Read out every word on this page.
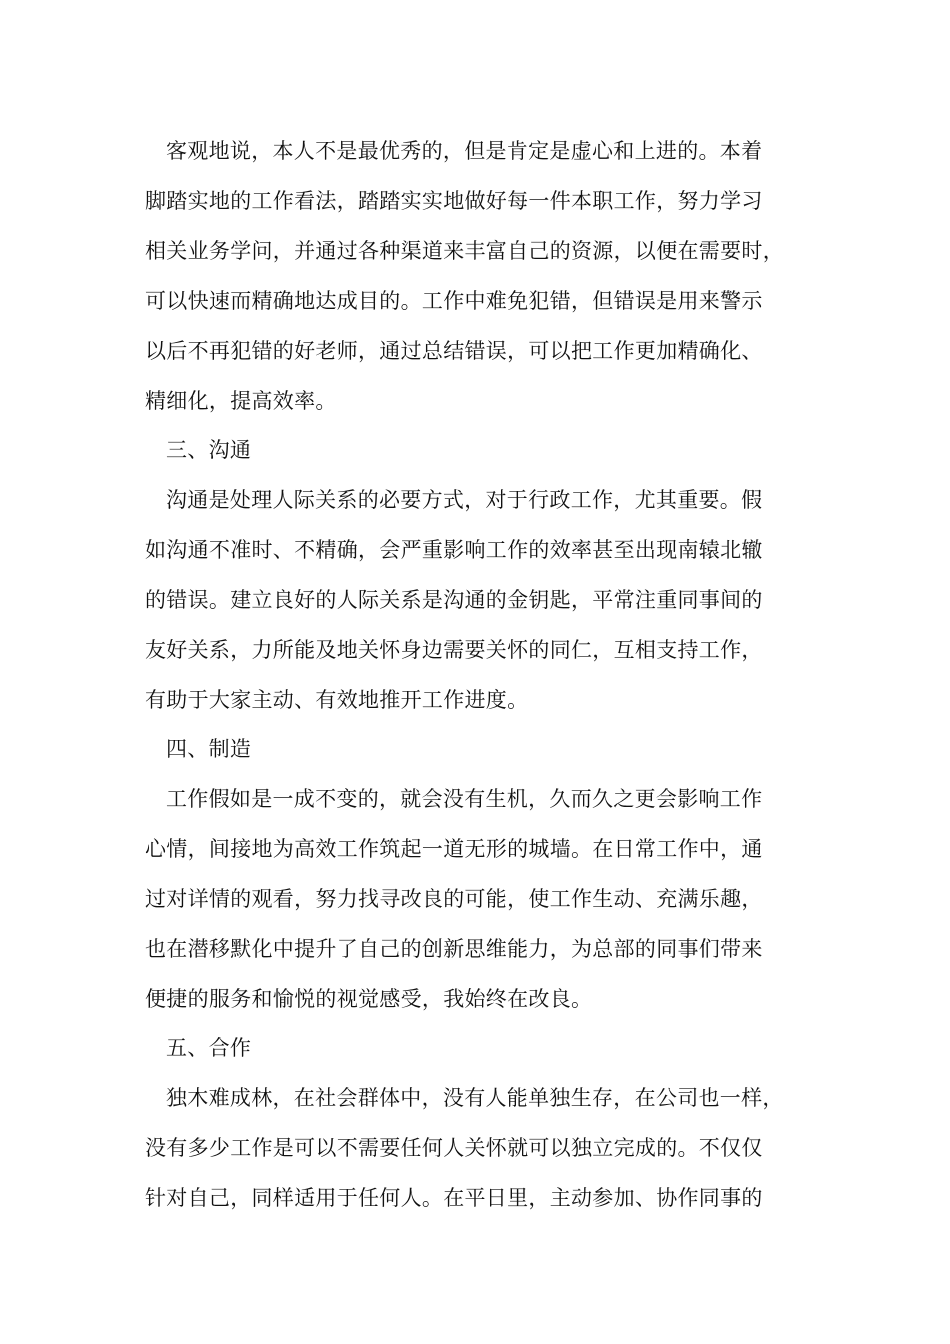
客观地说，本人不是最优秀的，但是肯定是虚心和上进的。本着
脚踏实地的工作看法，踏踏实实地做好每一件本职工作，努力学习
相关业务学问，并通过各种渠道来丰富自己的资源，以便在需要时，
可以快速而精确地达成目的。工作中难免犯错，但错误是用来警示
以后不再犯错的好老师，通过总结错误，可以把工作更加精确化、
精细化，提高效率。
三、沟通
沟通是处理人际关系的必要方式，对于行政工作，尤其重要。假
如沟通不准时、不精确，会严重影响工作的效率甚至出现南辕北辙
的错误。建立良好的人际关系是沟通的金钥匙，平常注重同事间的
友好关系，力所能及地关怀身边需要关怀的同仁，互相支持工作，
有助于大家主动、有效地推开工作进度。
四、制造
工作假如是一成不变的，就会没有生机，久而久之更会影响工作
心情，间接地为高效工作筑起一道无形的城墙。在日常工作中，通
过对详情的观看，努力找寻改良的可能，使工作生动、充满乐趣，
也在潜移默化中提升了自己的创新思维能力，为总部的同事们带来
便捷的服务和愉悦的视觉感受，我始终在改良。
五、合作
独木难成林，在社会群体中，没有人能单独生存，在公司也一样，
没有多少工作是可以不需要任何人关怀就可以独立完成的。不仅仅
针对自己，同样适用于任何人。在平日里，主动参加、协作同事的
